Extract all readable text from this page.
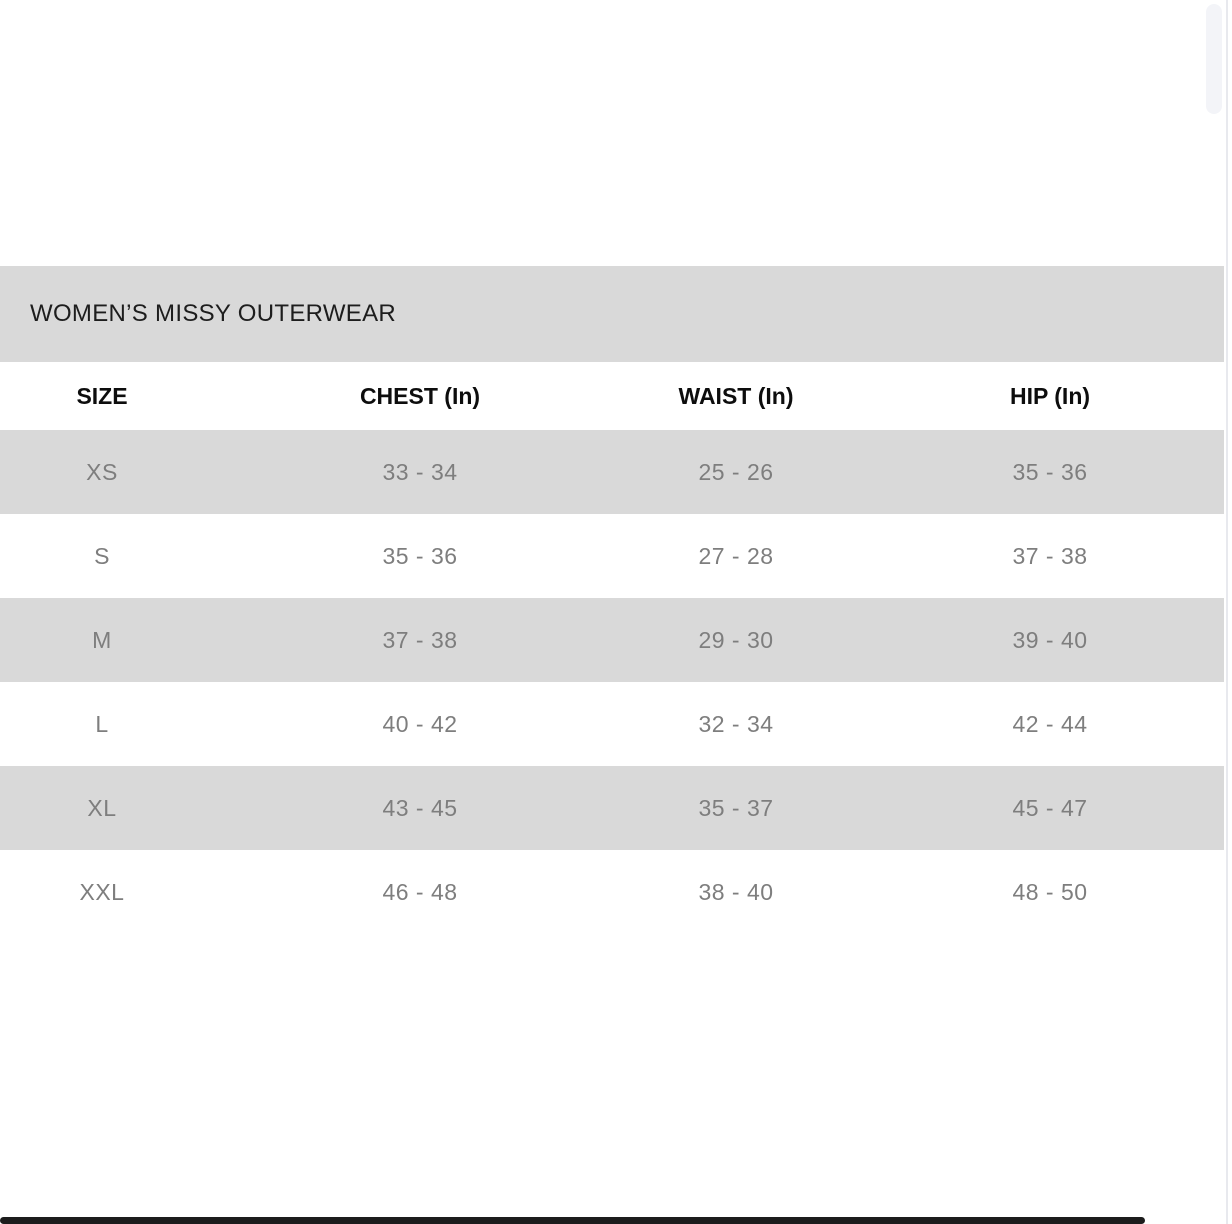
WOMEN’S MISSY OUTERWEAR
SIZE	CHEST (In)	WAIST (In)	HIP (In)
XS	33 - 34	25 - 26	35 - 36
S	35 - 36	27 - 28	37 - 38
M	37 - 38	29 - 30	39 - 40
L	40 - 42	32 - 34	42 - 44
XL	43 - 45	35 - 37	45 - 47
XXL	46 - 48	38 - 40	48 - 50
